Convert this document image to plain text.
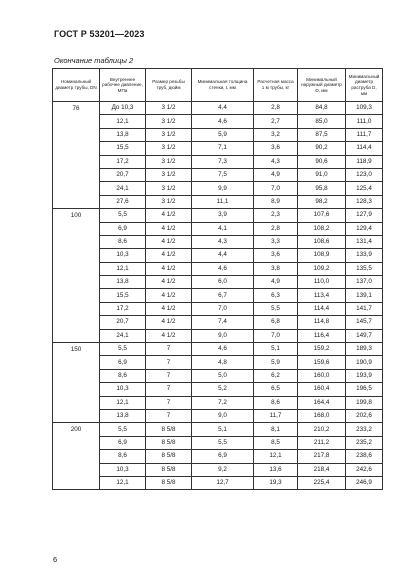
ГОСТ Р 53201—2023
Окончание таблицы 2
Номинальный диаметр трубы, DN	Внутреннее рабочее давление, МПа	Размер резьбы труб, дюйм	Минимальная толщина стенки, t, мм	Расчетная масса 1 м трубы, кг	Минимальный наружный диаметр D, мм	Минимальный диаметр раструба D, мм
76	До 10,3	3 1/2	4,4	2,8	84,8	109,3
	12,1	3 1/2	4,6	2,7	85,0	111,0
	13,8	3 1/2	5,9	3,2	87,5	111,7
	15,5	3 1/2	7,1	3,6	90,2	114,4
	17,2	3 1/2	7,3	4,3	90,6	118,9
	20,7	3 1/2	7,5	4,9	91,0	123,0
	24,1	3 1/2	9,9	7,0	95,8	125,4
	27,6	3 1/2	11,1	8,9	98,2	128,3
100	5,5	4 1/2	3,9	2,3	107,6	127,9
	6,9	4 1/2	4,1	2,8	108,2	129,4
	8,6	4 1/2	4,3	3,3	108,6	131,4
	10,3	4 1/2	4,4	3,6	108,9	133,9
	12,1	4 1/2	4,6	3,8	109,2	135,5
	13,8	4 1/2	6,0	4,9	110,0	137,0
	15,5	4 1/2	6,7	6,3	113,4	139,1
	17,2	4 1/2	7,0	5,5	114,4	141,7
	20,7	4 1/2	7,4	6,8	114,8	145,7
	24,1	4 1/2	9,0	7,0	116,4	149,7
150	5,5	7	4,6	5,1	159,2	189,3
	6,9	7	4,8	5,9	159,6	190,9
	8,6	7	5,0	6,2	160,0	193,9
	10,3	7	5,2	6,5	160,4	196,5
	12,1	7	7,2	8,6	164,4	199,8
	13,8	7	9,0	11,7	168,0	202,6
200	5,5	8 5/8	5,1	8,1	210,2	233,2
	6,9	8 5/8	5,5	8,5	211,2	235,2
	8,6	8 5/8	6,9	12,1	217,8	238,6
	10,3	8 5/8	9,2	13,6	218,4	242,6
	12,1	8 5/8	12,7	19,3	225,4	246,9
6
